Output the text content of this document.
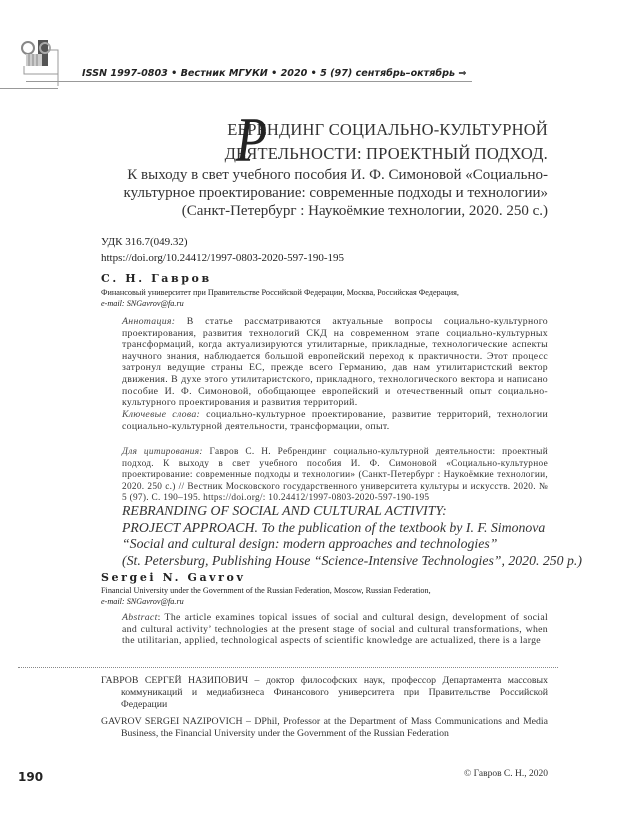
ISSN 1997-0803 • Вестник МГУКИ • 2020 • 5 (97) сентябрь–октябрь ⇒
Р
ЕБРЕНДИНГ СОЦИАЛЬНО-КУЛЬТУРНОЙ
ДЕЯТЕЛЬНОСТИ: ПРОЕКТНЫЙ ПОДХОД.
К выходу в свет учебного пособия И. Ф. Симоновой «Социально-
культурное проектирование: современные подходы и технологии»
(Санкт-Петербург : Наукоёмкие технологии, 2020. 250 с.)
УДК 316.7(049.32)
https://doi.org/10.24412/1997-0803-2020-597-190-195
С. Н. Гавров
Финансовый университет при Правительстве Российской Федерации, Москва, Российская Федерация,
e-mail: SNGavrov@fa.ru
Аннотация: В статье рассматриваются актуальные вопросы социально-культурного проектирования, развития технологий СКД на современном этапе социально-культурных трансформаций, когда актуализируются утилитарные, прикладные, технологические аспекты научного знания, наблюдается большой европейский переход к практичности. Этот процесс затронул ведущие страны ЕС, прежде всего Германию, дав нам утилитаристский вектор движения. В духе этого утилитаристского, прикладного, технологического вектора и написано пособие И. Ф. Симоновой, обобщающее европейский и отечественный опыт социально-культурного проектирования и развития территорий.
Ключевые слова: социально-культурное проектирование, развитие территорий, технологии социально-культурной деятельности, трансформации, опыт.
Для цитирования: Гавров С. Н. Ребрендинг социально-культурной деятельности: проектный подход. К выходу в свет учебного пособия И. Ф. Симоновой «Социально-культурное проектирование: современные подходы и технологии» (Санкт-Петербург : Наукоёмкие технологии, 2020. 250 с.) // Вестник Московского государственного университета культуры и искусств. 2020. № 5 (97). С. 190–195. https://doi.org/: 10.24412/1997-0803-2020-597-190-195
REBRANDING OF SOCIAL AND CULTURAL ACTIVITY:
PROJECT APPROACH. To the publication of the textbook by I. F. Simonova
“Social and cultural design: modern approaches and technologies”
(St. Petersburg, Publishing House “Science-Intensive Technologies”, 2020. 250 p.)
Sergei N. Gavrov
Financial University under the Government of the Russian Federation, Moscow, Russian Federation,
e-mail: SNGavrov@fa.ru
Abstract: The article examines topical issues of social and cultural design, development of social and cultural activity’ technologies at the present stage of social and cultural transformations, when the utilitarian, applied, technological aspects of scientific knowledge are actualized, there is a large
ГАВРОВ СЕРГЕЙ НАЗИПОВИЧ – доктор философских наук, профессор Департамента массовых коммуникаций и медиабизнеса Финансового университета при Правительстве Российской Федерации
GAVROV SERGEI NAZIPOVICH – DPhil, Professor at the Department of Mass Communications and Media Business, the Financial University under the Government of the Russian Federation
© Гавров С. Н., 2020
190
